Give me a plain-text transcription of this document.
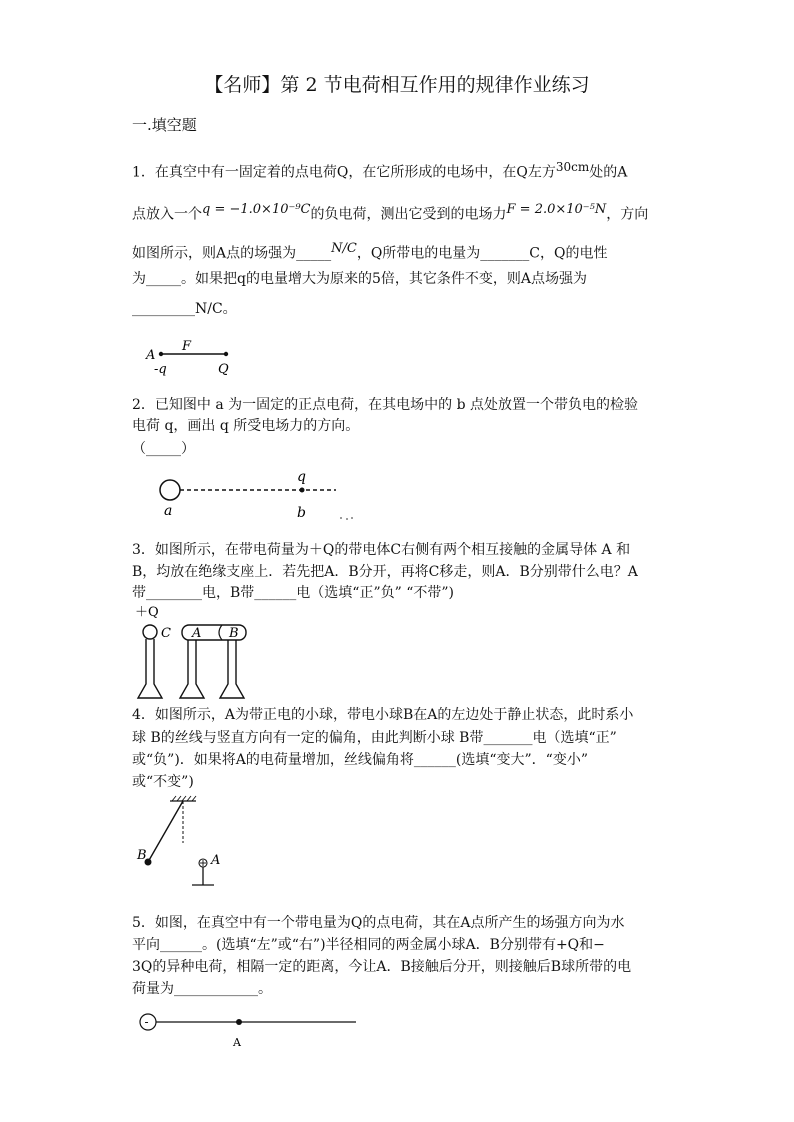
【名师】第 2 节电荷相互作用的规律作业练习
一.填空题
1．在真空中有一固定着的点电荷Q，在它所形成的电场中，在Q左方$^{30cm}$处的A
点放入一个$^{q = -1.0\times 10^{-9}C}$的负电荷，测出它受到的电场力$^{F = 2.0\times 10^{-5}N}$，方向
如图所示，则A点的场强为_____$^{N/C}$，Q所带电的电量为_______C，Q的电性
为_____。如果把q的电量增大为原来的5倍，其它条件不变，则A点场强为
_________N/C。
A
F
-q	Q
2．已知图中 a 为一固定的正点电荷，在其电场中的 b 点处放置一个带负电的检验
电荷 q，画出 q 所受电场力的方向。
（_____）
a	b
q
3．如图所示，在带电荷量为＋Q的带电体C右侧有两个相互接触的金属导体 A 和
B，均放在绝缘支座上．若先把A．B分开，再将C移走，则A．B分别带什么电？A
带________电，B带______电（选填“正”负” “不带”)
＋Q
C A B
4．如图所示，A为带正电的小球，带电小球B在A的左边处于静止状态，此时系小
球 B的丝线与竖直方向有一定的偏角，由此判断小球 B带_______电（选填“正”
或“负”)．如果将A的电荷量增加，丝线偏角将______(选填“变大”．“变小”
或“不变”)
B	A
5．如图，在真空中有一个带电量为Q的点电荷，其在A点所产生的场强方向为水
平向______。(选填“左”或“右”)半径相同的两金属小球A．B分别带有+Q和−
3Q的异种电荷，相隔一定的距离，今让A．B接触后分开，则接触后B球所带的电
荷量为____________。
-
A
